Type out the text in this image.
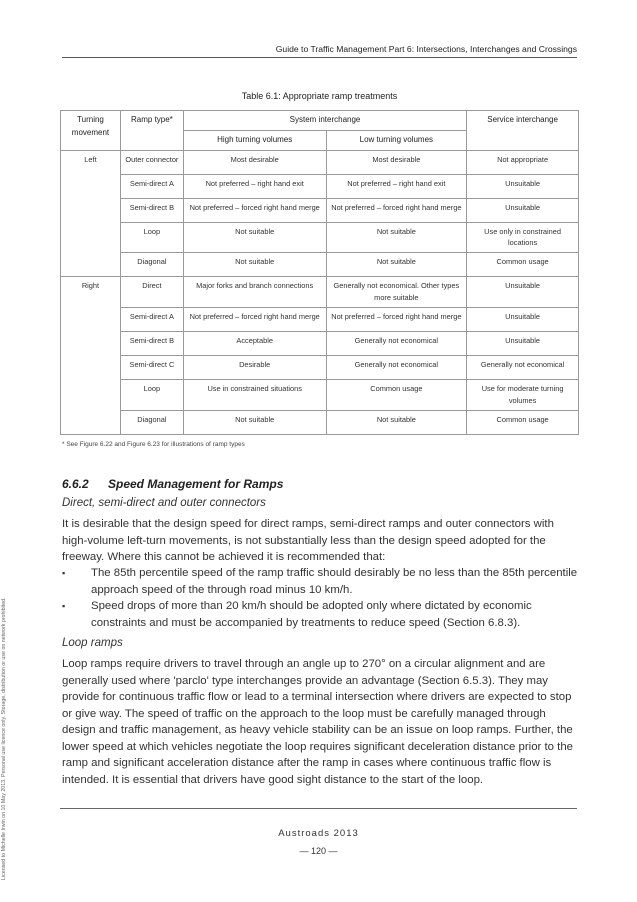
Guide to Traffic Management Part 6: Intersections, Interchanges and Crossings
Table 6.1: Appropriate ramp treatments
Turning movement	Ramp type*	System interchange		Service interchange
		High turning volumes	Low turning volumes	
Left	Outer connector	Most desirable	Most desirable	Not appropriate
	Semi-direct A	Not preferred – right hand exit	Not preferred – right hand exit	Unsuitable
	Semi-direct B	Not preferred – forced right hand merge	Not preferred – forced right hand merge	Unsuitable
	Loop	Not suitable	Not suitable	Use only in constrained locations
	Diagonal	Not suitable	Not suitable	Common usage
Right	Direct	Major forks and branch connections	Generally not economical. Other types more suitable	Unsuitable
	Semi-direct A	Not preferred – forced right hand merge	Not preferred – forced right hand merge	Unsuitable
	Semi-direct B	Acceptable	Generally not economical	Unsuitable
	Semi-direct C	Desirable	Generally not economical	Generally not economical
	Loop	Use in constrained situations	Common usage	Use for moderate turning volumes
	Diagonal	Not suitable	Not suitable	Common usage
* See Figure 6.22 and Figure 6.23 for illustrations of ramp types
6.6.2 Speed Management for Ramps
Direct, semi-direct and outer connectors
It is desirable that the design speed for direct ramps, semi-direct ramps and outer connectors with high-volume left-turn movements, is not substantially less than the design speed adopted for the freeway. Where this cannot be achieved it is recommended that:
▪ The 85th percentile speed of the ramp traffic should desirably be no less than the 85th percentile approach speed of the through road minus 10 km/h.
▪ Speed drops of more than 20 km/h should be adopted only where dictated by economic constraints and must be accompanied by treatments to reduce speed (Section 6.8.3).
Loop ramps
Loop ramps require drivers to travel through an angle up to 270° on a circular alignment and are generally used where 'parclo' type interchanges provide an advantage (Section 6.5.3). They may provide for continuous traffic flow or lead to a terminal intersection where drivers are expected to stop or give way. The speed of traffic on the approach to the loop must be carefully managed through design and traffic management, as heavy vehicle stability can be an issue on loop ramps. Further, the lower speed at which vehicles negotiate the loop requires significant deceleration distance prior to the ramp and significant acceleration distance after the ramp in cases where continuous traffic flow is intended. It is essential that drivers have good sight distance to the start of the loop.
Austroads 2013
— 120 —
Licensed to Michelle Irwin on 10 May 2013. Personal use licence only. Storage, distribution or use on network prohibited.
